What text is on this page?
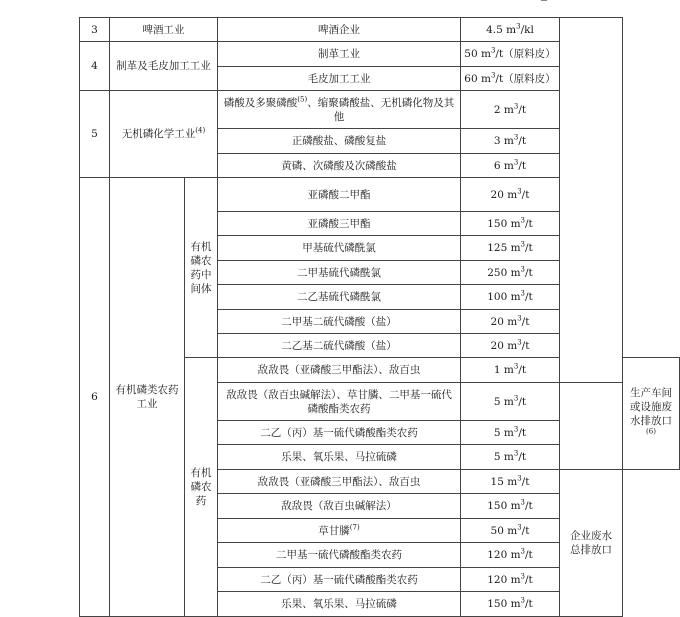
3	啤酒工业		啤酒企业	4.5 $m^3/kl$		
4	制革及毛皮加工工业		制革工业	50 $m^3/t$（原料皮）		
			毛皮加工工业	60 $m^3/t$（原料皮）		
5	无机磷化学工业$^{(4)}$		磷酸及多聚磷酸$^{(5)}$、缩聚磷酸盐、无机磷化物及其他	2 $m^3/t$		
			正磷酸盐、磷酸复盐	3 $m^3/t$		
			黄磷、次磷酸及次磷酸盐	6 $m^3/t$		
6	有机磷类农药工业	有机磷农药中间体	亚磷酸二甲酯	20 $m^3/t$		
			亚磷酸三甲酯	150 $m^3/t$		
			甲基硫代磷酰氯	125 $m^3/t$		
			二甲基硫代磷酰氯	250 $m^3/t$		
			二乙基硫代磷酰氯	100 $m^3/t$		
			二甲基二硫代磷酸（盐）	20 $m^3/t$		
			二乙基二硫代磷酸（盐）	20 $m^3/t$		
		有机磷农药	敌敌畏（亚磷酸三甲酯法）、敌百虫	1 $m^3/t$		生产车间或设施废水排放口$^{(6)}$
			敌敌畏（敌百虫碱解法）、草甘膦、二甲基一硫代磷酸酯类农药	5 $m^3/t$		
			二乙（丙）基一硫代磷酸酯类农药	5 $m^3/t$		
			乐果、氧乐果、马拉硫磷	5 $m^3/t$		
			敌敌畏（亚磷酸三甲酯法）、敌百虫	15 $m^3/t$	企业废水总排放口	
			敌敌畏（敌百虫碱解法）	150 $m^3/t$		
			草甘膦$^{(7)}$	50 $m^3/t$		
			二甲基一硫代磷酸酯类农药	120 $m^3/t$		
			二乙（丙）基一硫代磷酸酯类农药	120 $m^3/t$		
			乐果、氧乐果、马拉硫磷	150 $m^3/t$		
